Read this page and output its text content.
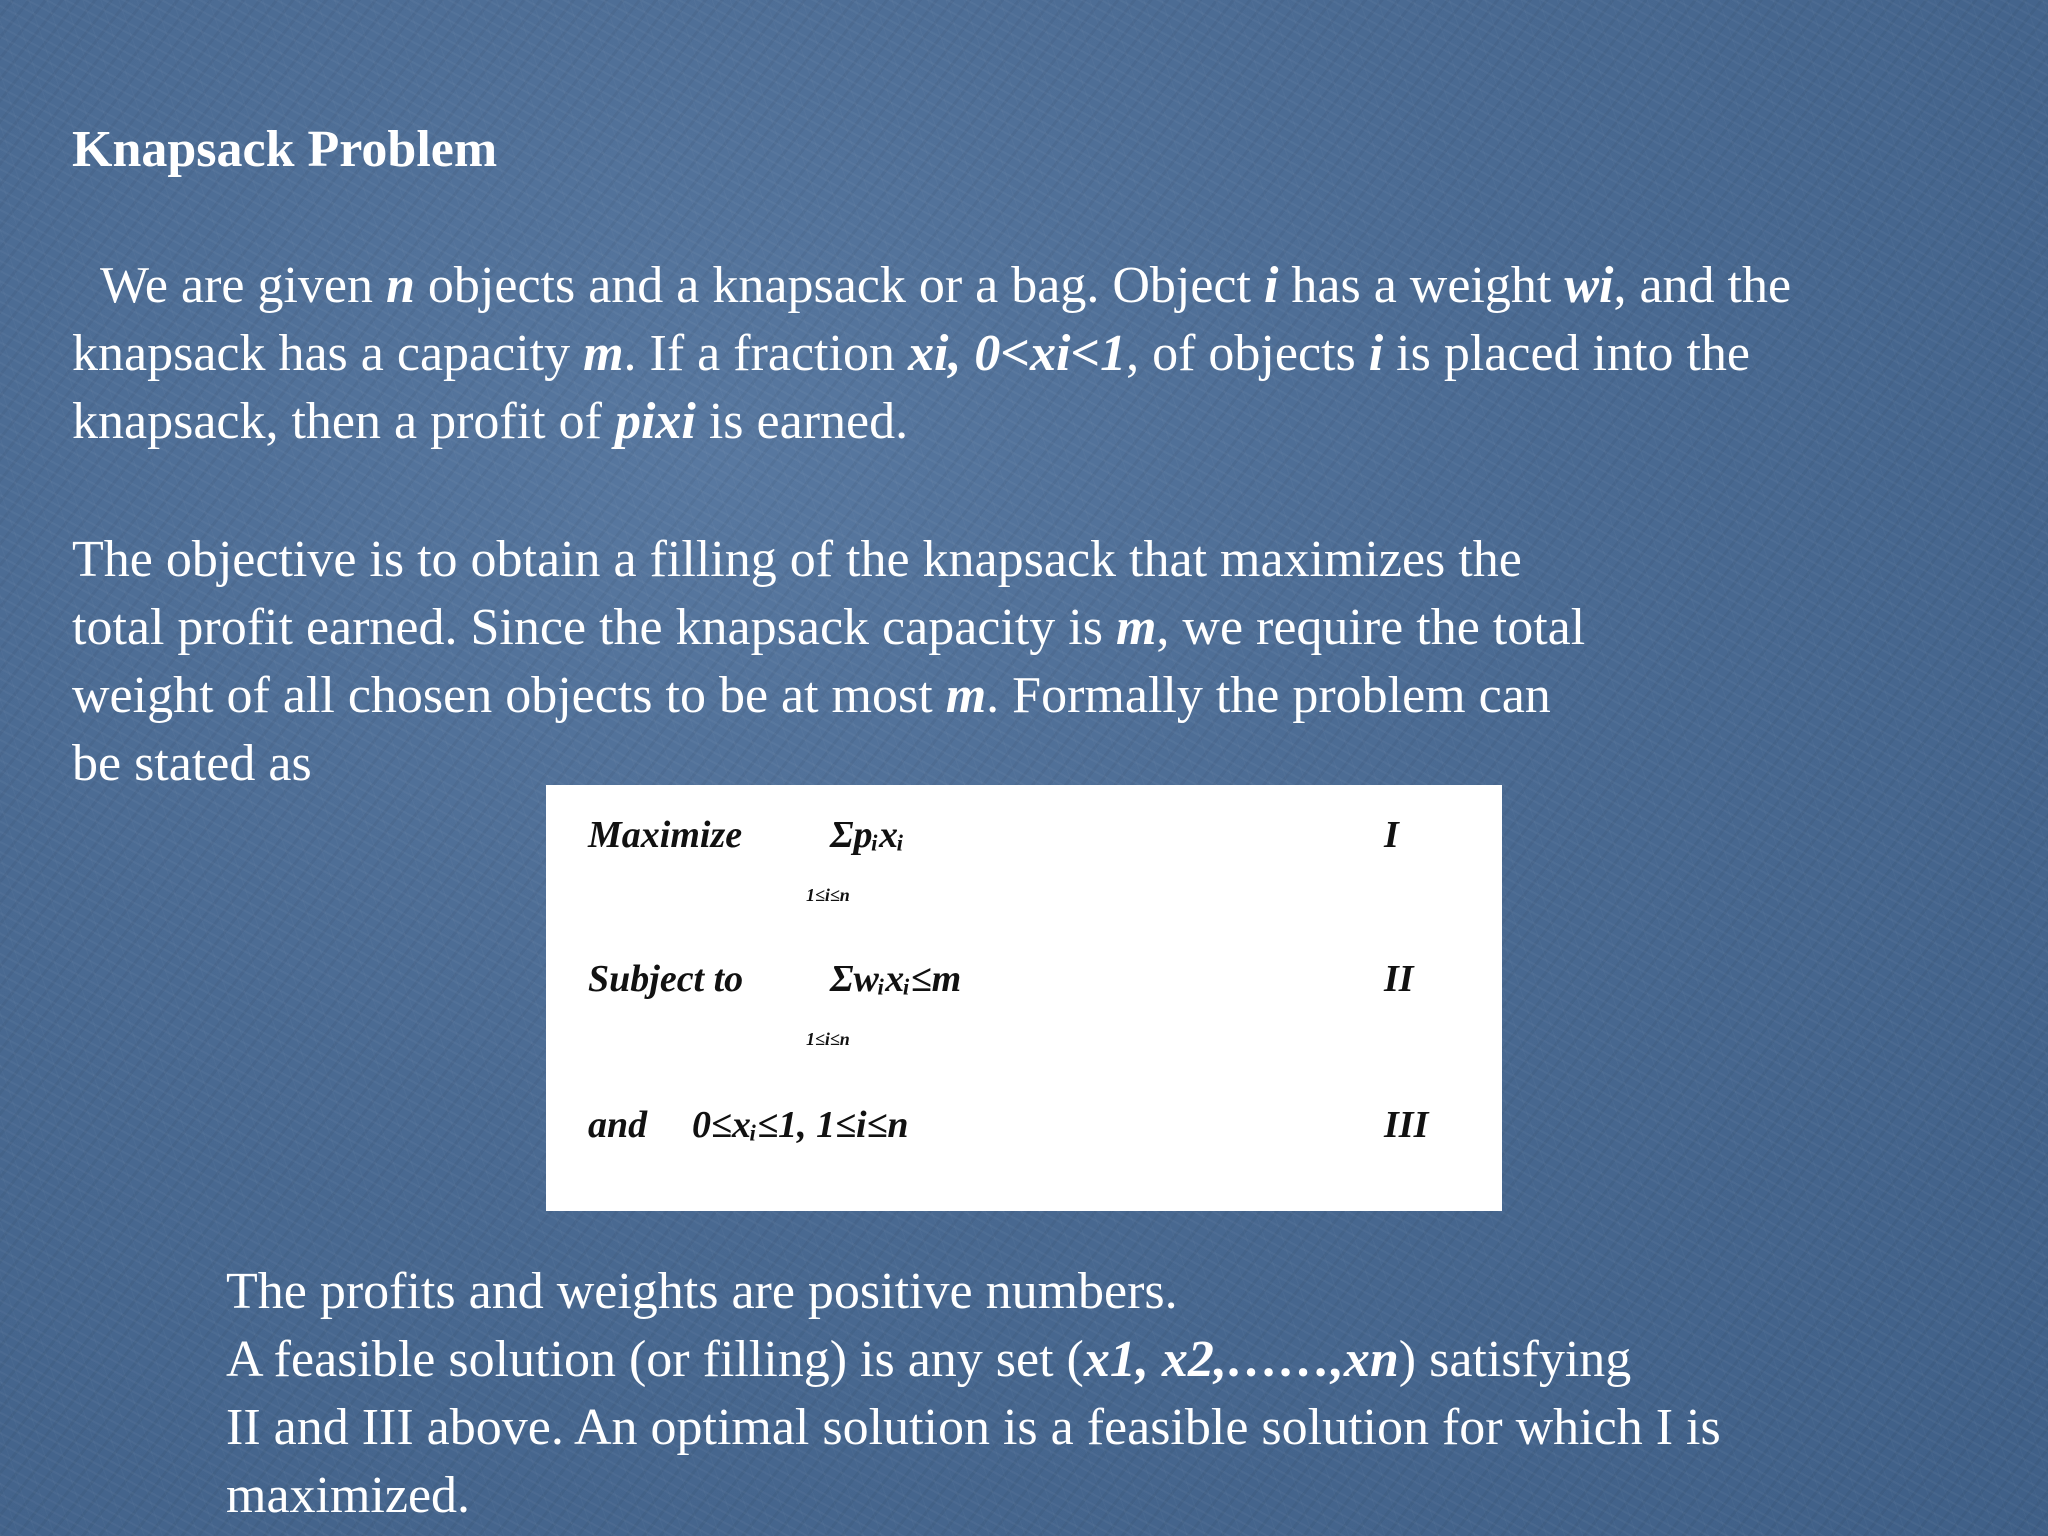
Knapsack Problem

We are given n objects and a knapsack or a bag. Object i has a weight wi, and the
knapsack has a capacity m. If a fraction xi, 0<xi<1, of objects i is placed into the
knapsack, then a profit of pixi is earned.

The objective is to obtain a filling of the knapsack that maximizes the
total profit earned. Since the knapsack capacity is m, we require the total
weight of all chosen objects to be at most m. Formally the problem can
be stated as

Maximize Σpᵢxᵢ
1≤i≤n
I
Subject to Σwᵢxᵢ≤m
1≤i≤n
II
and 0≤xᵢ≤1, 1≤i≤n	III

The profits and weights are positive numbers.
A feasible solution (or filling) is any set (x1, x2,……,xn) satisfying
II and III above. An optimal solution is a feasible solution for which I is
maximized.
